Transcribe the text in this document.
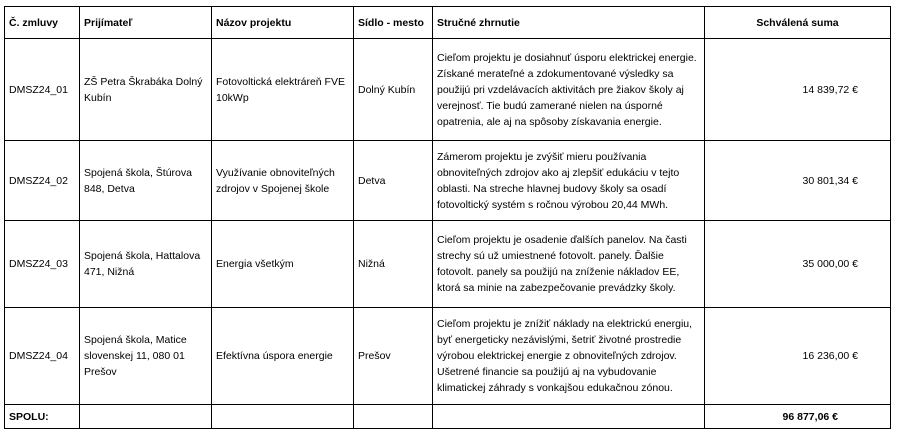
Č. zmluvy	Prijímateľ	Názov projektu	Sídlo - mesto	Stručné zhrnutie	Schválená suma
DMSZ24_01	ZŠ Petra Škrabáka Dolný Kubín	Fotovoltická elektráreň FVE 10kWp	Dolný Kubín	Cieľom projektu je dosiahnuť úsporu elektrickej energie. Získané merateľné a zdokumentované výsledky sa použijú pri vzdelávacích aktivitách pre žiakov školy aj verejnosť. Tie budú zamerané nielen na úsporné opatrenia, ale aj na spôsoby získavania energie.	14 839,72 €
DMSZ24_02	Spojená škola, Štúrova 848, Detva	Využívanie obnoviteľných zdrojov v Spojenej škole	Detva	Zámerom projektu je zvýšiť mieru používania obnoviteľných zdrojov ako aj zlepšiť edukáciu v tejto oblasti. Na streche hlavnej budovy školy sa osadí fotovoltický systém s ročnou výrobou 20,44 MWh.	30 801,34 €
DMSZ24_03	Spojená škola, Hattalova 471, Nižná	Energia všetkým	Nižná	Cieľom projektu je osadenie ďalších panelov. Na časti strechy sú už umiestnené fotovolt. panely. Ďalšie fotovolt. panely sa použijú na zníženie nákladov EE, ktorá sa minie na zabezpečovanie prevádzky školy.	35 000,00 €
DMSZ24_04	Spojená škola, Matice slovenskej 11, 080 01 Prešov	Efektívna úspora energie	Prešov	Cieľom projektu je znížiť náklady na elektrickú energiu, byť energeticky nezávislými, šetriť životné prostredie výrobou elektrickej energie z obnoviteľných zdrojov. Ušetrené financie sa použijú aj na vybudovanie klimatickej záhrady s vonkajšou edukačnou zónou.	16 236,00 €
SPOLU:					96 877,06 €
